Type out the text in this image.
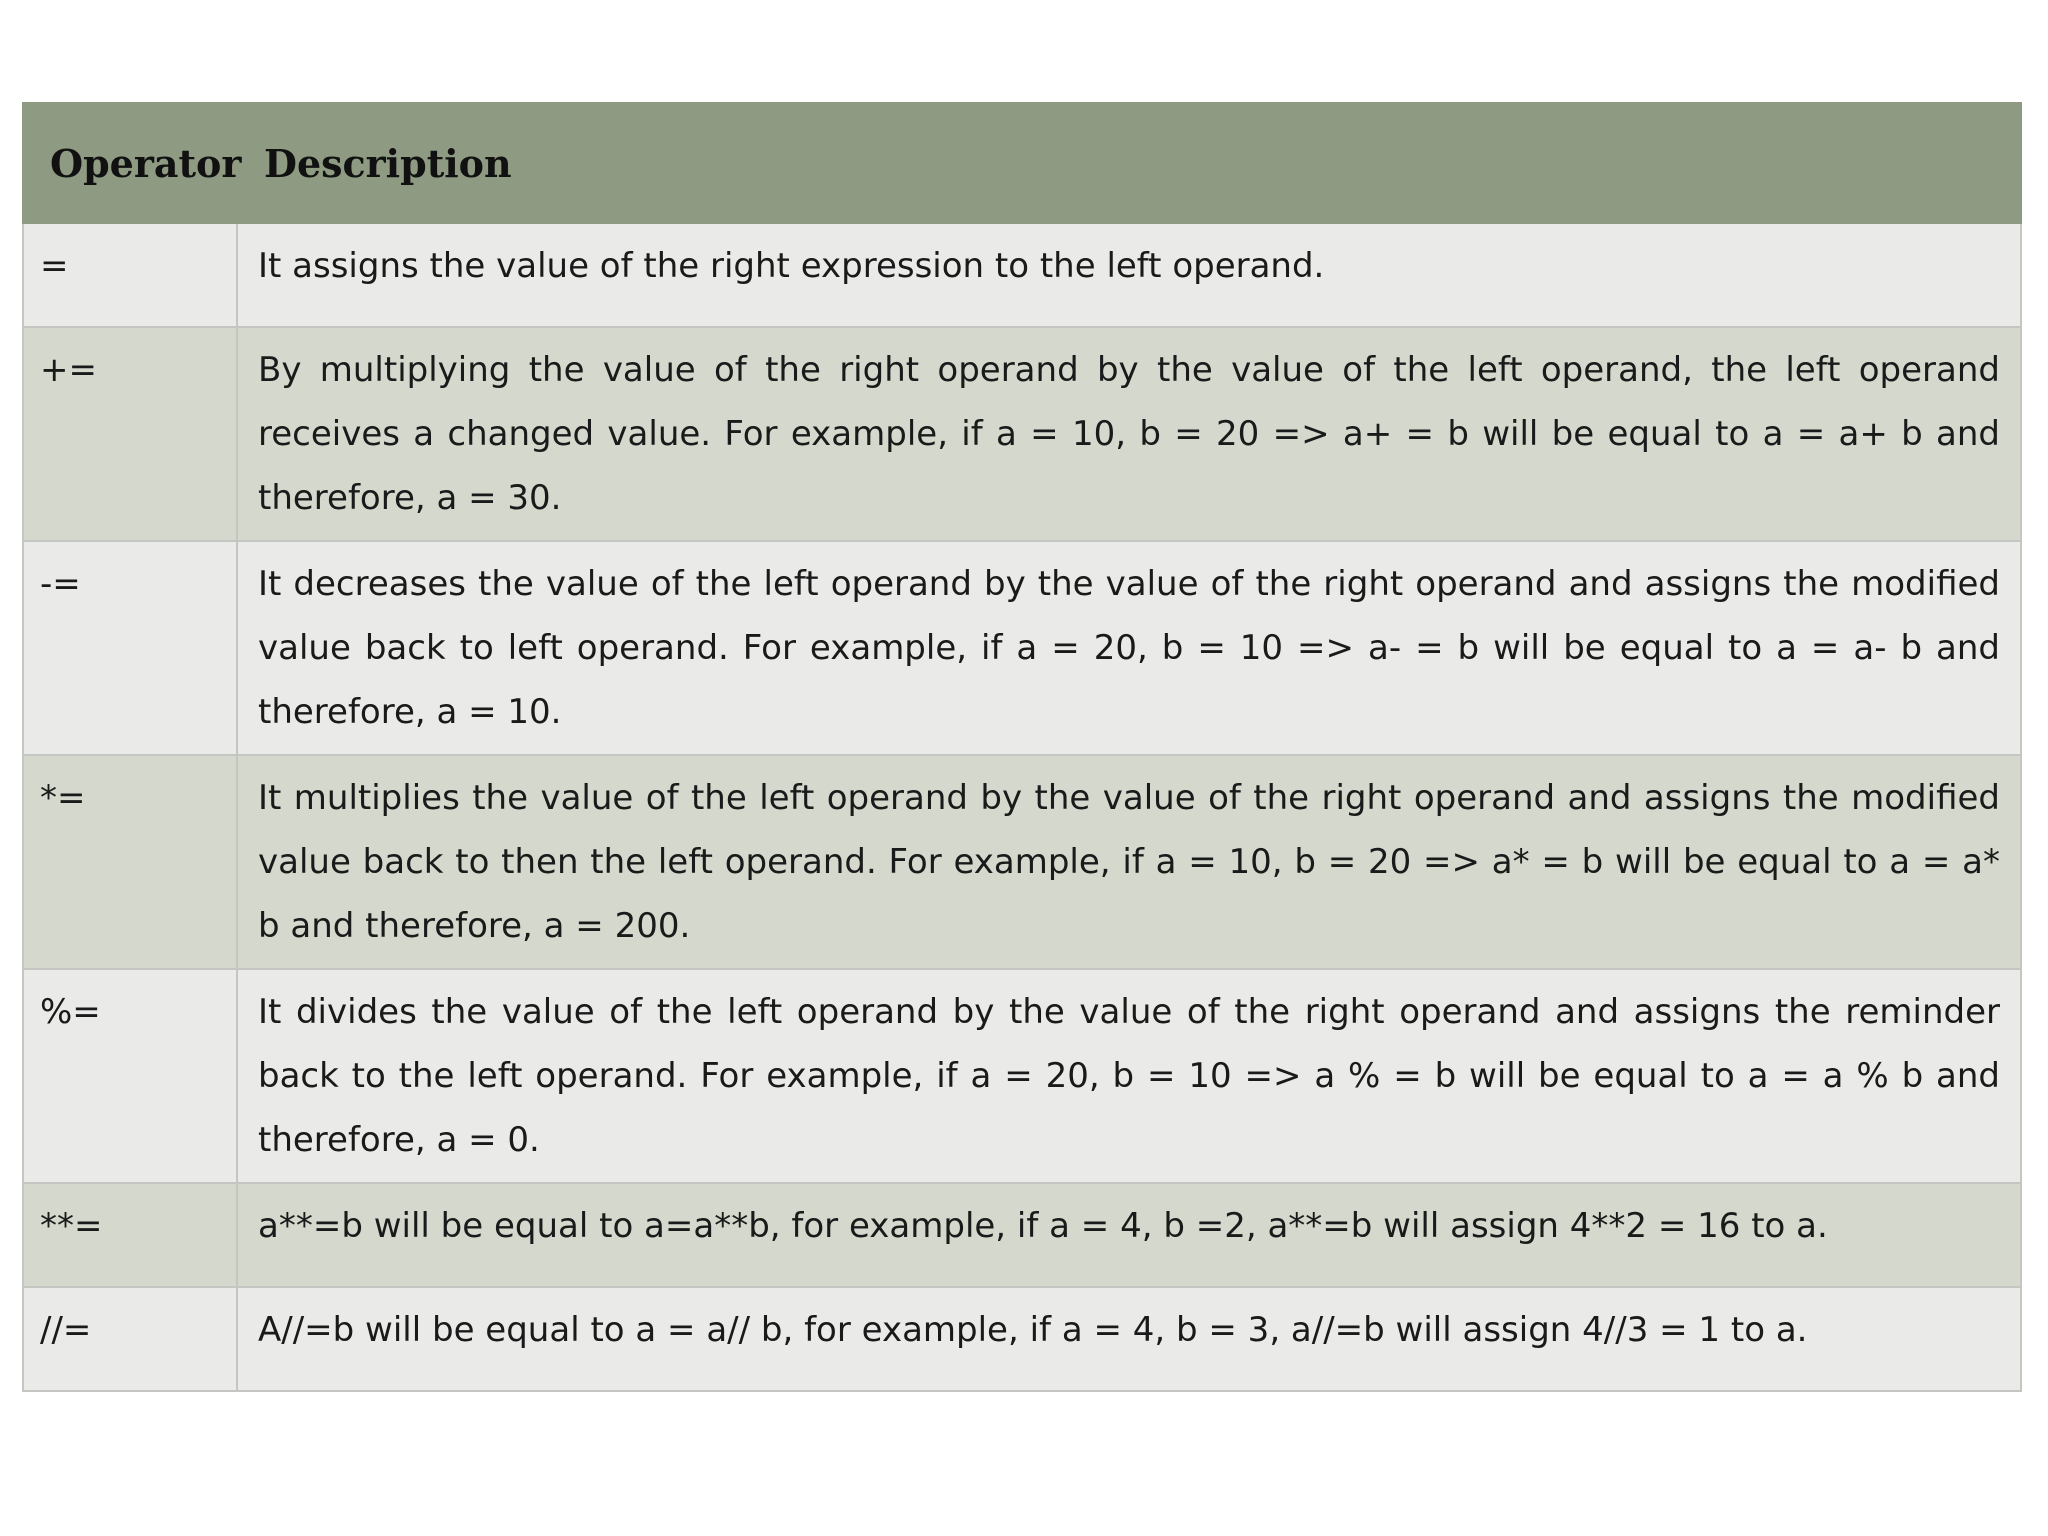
Operator	Description
=	It assigns the value of the right expression to the left operand.
+=	By multiplying the value of the right operand by the value of the left operand, the left operand receives a changed value. For example, if a = 10, b = 20 => a+ = b will be equal to a = a+ b and therefore, a = 30.
-=	It decreases the value of the left operand by the value of the right operand and assigns the modified value back to left operand. For example, if a = 20, b = 10 => a- = b will be equal to a = a- b and therefore, a = 10.
*=	It multiplies the value of the left operand by the value of the right operand and assigns the modified value back to then the left operand. For example, if a = 10, b = 20 => a* = b will be equal to a = a* b and therefore, a = 200.
%=	It divides the value of the left operand by the value of the right operand and assigns the reminder back to the left operand. For example, if a = 20, b = 10 => a % = b will be equal to a = a % b and therefore, a = 0.
**=	a**=b will be equal to a=a**b, for example, if a = 4, b =2, a**=b will assign 4**2 = 16 to a.
//=	A//=b will be equal to a = a// b, for example, if a = 4, b = 3, a//=b will assign 4//3 = 1 to a.
